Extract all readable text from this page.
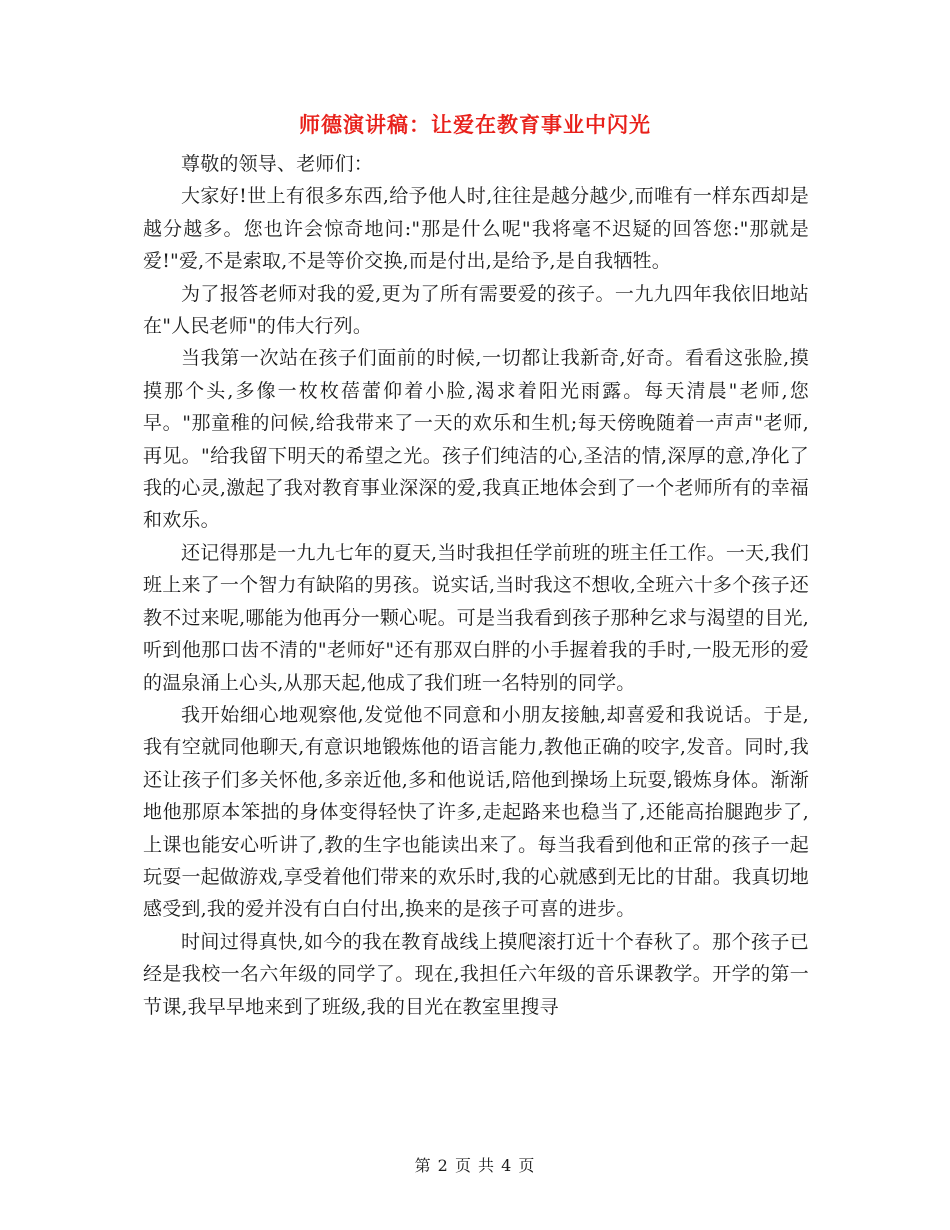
师德演讲稿：让爱在教育事业中闪光

尊敬的领导、老师们：

大家好!世上有很多东西,给予他人时,往往是越分越少,而唯有一样东西却是越分越多。您也许会惊奇地问:"那是什么呢"我将毫不迟疑的回答您:"那就是爱!"爱,不是索取,不是等价交换,而是付出,是给予,是自我牺牲。

为了报答老师对我的爱,更为了所有需要爱的孩子。一九九四年我依旧地站在"人民老师"的伟大行列。

当我第一次站在孩子们面前的时候,一切都让我新奇,好奇。看看这张脸,摸摸那个头,多像一枚枚蓓蕾仰着小脸,渴求着阳光雨露。每天清晨"老师,您早。"那童稚的问候,给我带来了一天的欢乐和生机;每天傍晚随着一声声"老师,再见。"给我留下明天的希望之光。孩子们纯洁的心,圣洁的情,深厚的意,净化了我的心灵,激起了我对教育事业深深的爱,我真正地体会到了一个老师所有的幸福和欢乐。

还记得那是一九九七年的夏天,当时我担任学前班的班主任工作。一天,我们班上来了一个智力有缺陷的男孩。说实话,当时我这不想收,全班六十多个孩子还教不过来呢,哪能为他再分一颗心呢。可是当我看到孩子那种乞求与渴望的目光,听到他那口齿不清的"老师好"还有那双白胖的小手握着我的手时,一股无形的爱的温泉涌上心头,从那天起,他成了我们班一名特别的同学。

我开始细心地观察他,发觉他不同意和小朋友接触,却喜爱和我说话。于是,我有空就同他聊天,有意识地锻炼他的语言能力,教他正确的咬字,发音。同时,我还让孩子们多关怀他,多亲近他,多和他说话,陪他到操场上玩耍,锻炼身体。渐渐地他那原本笨拙的身体变得轻快了许多,走起路来也稳当了,还能高抬腿跑步了,上课也能安心听讲了,教的生字也能读出来了。每当我看到他和正常的孩子一起玩耍一起做游戏,享受着他们带来的欢乐时,我的心就感到无比的甘甜。我真切地感受到,我的爱并没有白白付出,换来的是孩子可喜的进步。

时间过得真快,如今的我在教育战线上摸爬滚打近十个春秋了。那个孩子已经是我校一名六年级的同学了。现在,我担任六年级的音乐课教学。开学的第一节课,我早早地来到了班级,我的目光在教室里搜寻

第 2 页 共 4 页
